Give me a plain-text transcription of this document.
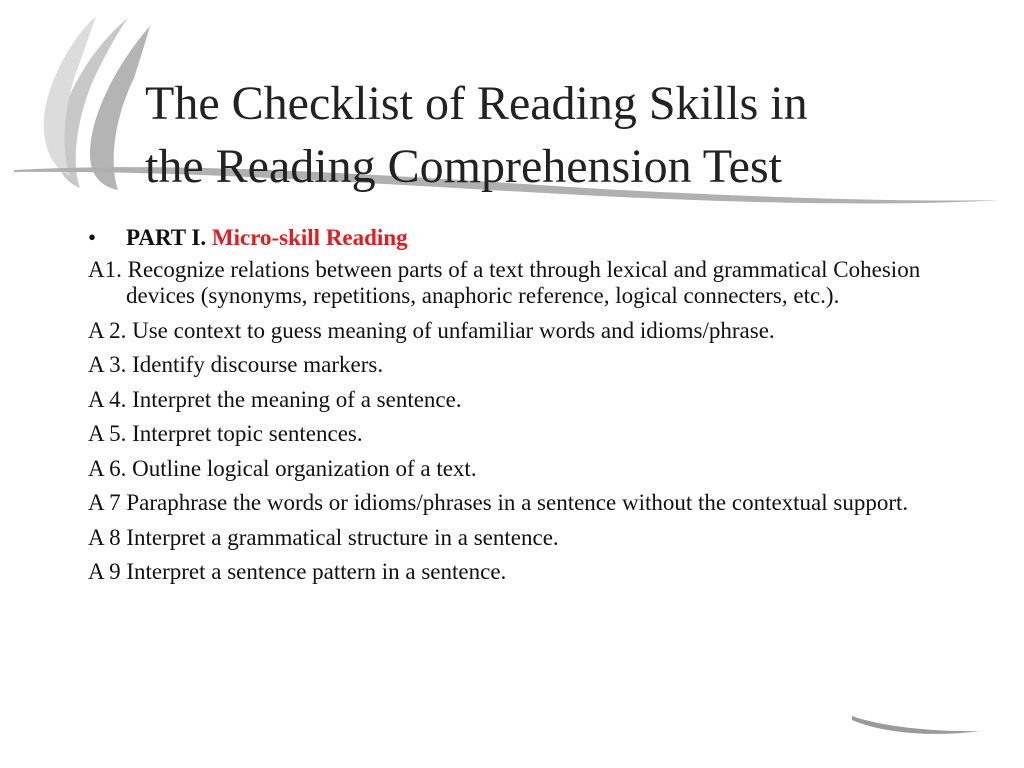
The Checklist of Reading Skills in
the Reading Comprehension Test

• PART I. Micro-skill Reading

A1. Recognize relations between parts of a text through lexical and grammatical Cohesion devices (synonyms, repetitions, anaphoric reference, logical connecters, etc.).

A 2. Use context to guess meaning of unfamiliar words and idioms/phrase.

A 3. Identify discourse markers.

A 4. Interpret the meaning of a sentence.

A 5. Interpret topic sentences.

A 6. Outline logical organization of a text.

A 7 Paraphrase the words or idioms/phrases in a sentence without the contextual support.

A 8 Interpret a grammatical structure in a sentence.

A 9 Interpret a sentence pattern in a sentence.
